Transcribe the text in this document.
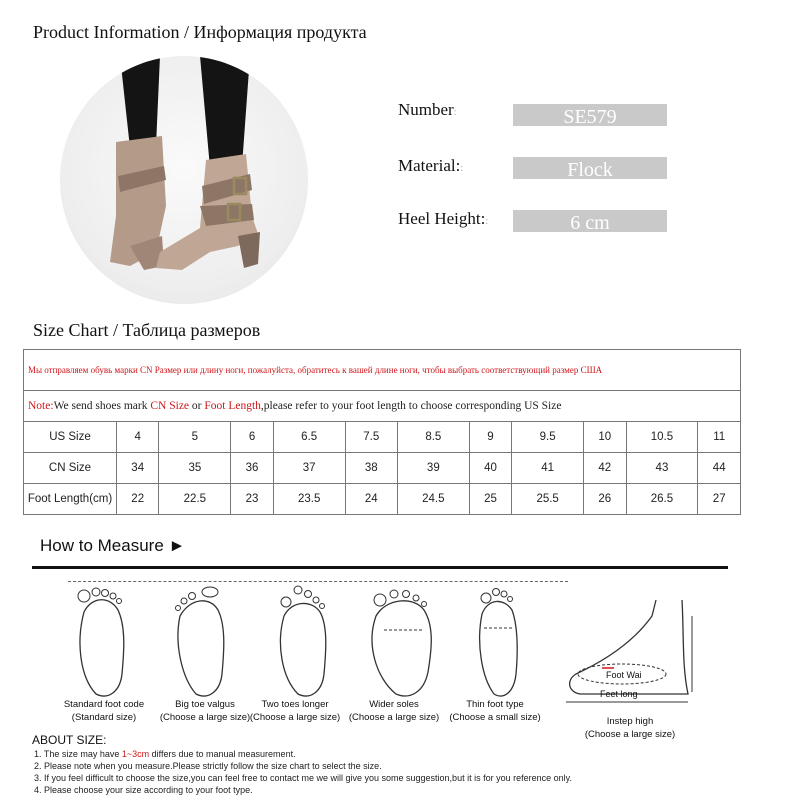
Product Information / Информация продукта
Number:	SE579
Material::	Flock
Heel Height::	6 cm
Size Chart / Таблица размеров
Мы отправляем обувь марки CN Размер или длину ноги, пожалуйста, обратитесь к вашей длине ноги, чтобы выбрать соответствующий размер США											
Note:We send shoes mark CN Size or Foot Length,please refer to your foot length to choose corresponding US Size											
US Size	4	5	6	6.5	7.5	8.5	9	9.5	10	10.5	11
CN Size	34	35	36	37	38	39	40	41	42	43	44
Foot Length(cm)	22	22.5	23	23.5	24	24.5	25	25.5	26	26.5	27
How to Measure ►
Foot Wai
Feet long
Standard foot code
(Standard size)
Big toe valgus
(Choose a large size)
Two toes longer
(Choose a large size)
Wider soles
(Choose a large size)
Thin foot type
(Choose a small size)	Instep high
(Choose a large size)
ABOUT SIZE:
1. The size may have 1~3cm differs due to manual measurement.
2. Please note when you measure.Please strictly follow the size chart to select the size.
3. If you feel difficult to choose the size,you can feel free to contact me we will give you some suggestion,but it is for you reference only.
4. Please choose your size according to your foot type.
